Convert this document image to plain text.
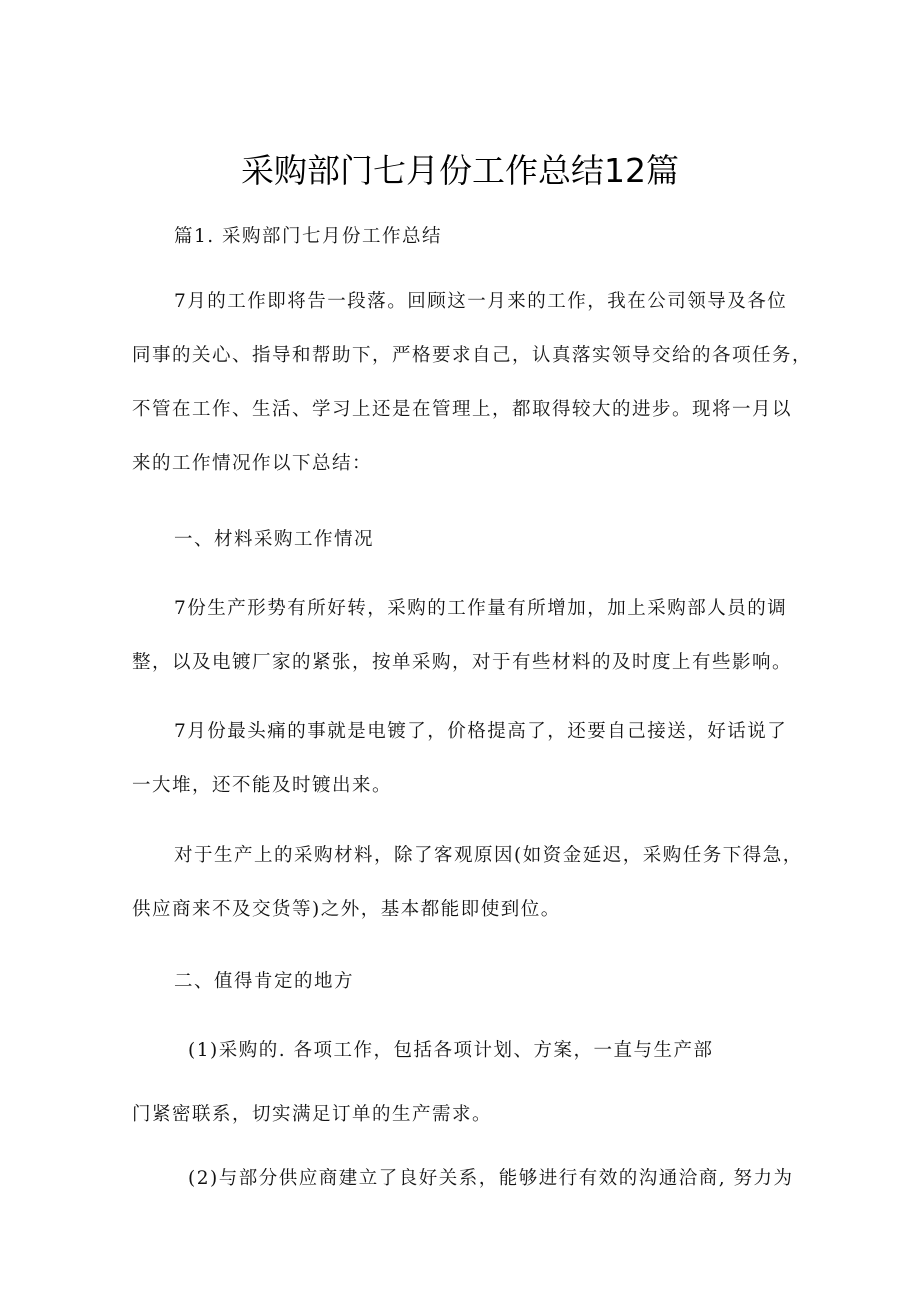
采购部门七月份工作总结12篇
篇1. 采购部门七月份工作总结
7月的工作即将告一段落。回顾这一月来的工作，我在公司领导及各位
同事的关心、指导和帮助下，严格要求自己，认真落实领导交给的各项任务，
不管在工作、生活、学习上还是在管理上，都取得较大的进步。现将一月以
来的工作情况作以下总结：
一、材料采购工作情况
7份生产形势有所好转，采购的工作量有所增加，加上采购部人员的调
整，以及电镀厂家的紧张，按单采购，对于有些材料的及时度上有些影响。
7月份最头痛的事就是电镀了，价格提高了，还要自己接送，好话说了
一大堆，还不能及时镀出来。
对于生产上的采购材料，除了客观原因(如资金延迟，采购任务下得急，
供应商来不及交货等)之外，基本都能即使到位。
二、值得肯定的地方
(1)采购的. 各项工作，包括各项计划、方案，一直与生产部
门紧密联系，切实满足订单的生产需求。
(2)与部分供应商建立了良好关系，能够进行有效的沟通洽商, 努力为
